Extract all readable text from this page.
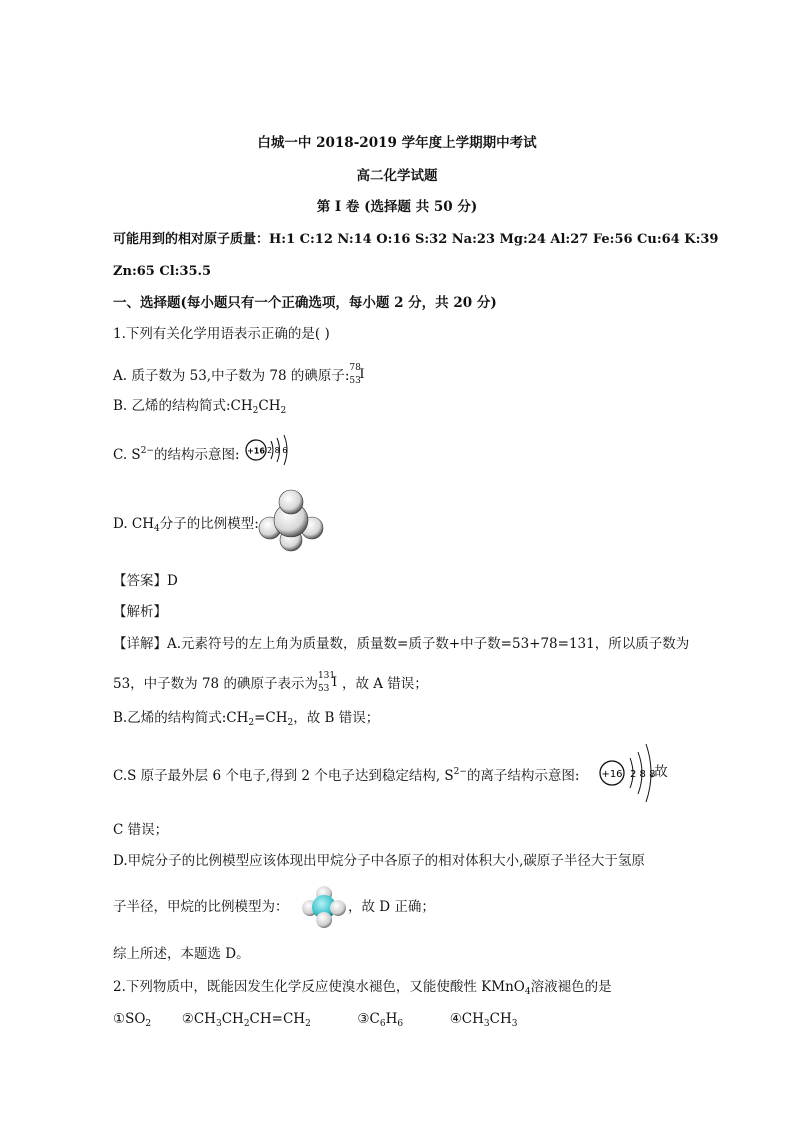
白城一中 2018-2019 学年度上学期期中考试
高二化学试题
第 I 卷 (选择题 共 50 分)
可能用到的相对原子质量：H:1 C:12 N:14 O:16 S:32 Na:23 Mg:24 Al:27 Fe:56 Cu:64 K:39
Zn:65 Cl:35.5
一、选择题(每小题只有一个正确选项，每小题 2 分，共 20 分)
1.下列有关化学用语表示正确的是( )
A. 质子数为 53,中子数为 78 的碘原子: 78
53
I
B. 乙烯的结构简式$:CH_2CH_2$
C. $S^{2-}$的结构示意图: +16 2 8 6
D. $CH_4$分子的比例模型:
【答案】D
【解析】
【详解】A.元素符号的左上角为质量数，质量数=质子数+中子数=53+78=131，所以质子数为
53，中子数为 78 的碘原子表示为 131
53 I ，故 A 错误；
B.乙烯的结构简式$:CH_2=CH_2$，故 B 错误；
C.S 原子最外层 6 个电子,得到 2 个电子达到稳定结构, $S^{2-}$的离子结构示意图: +16 2 8 8
,故
C 错误；
D.甲烷分子的比例模型应该体现出甲烷分子中各原子的相对体积大小,碳原子半径大于氢原
子半径，甲烷的比例模型为：	，故 D 正确；
综上所述，本题选 D。
2.下列物质中，既能因发生化学反应使溴水褪色，又能使酸性 KMnO$_4$溶液褪色的是
$①SO_2$ $②CH_3CH_2CH=CH_2$	$③C_6H_6$	$④CH_3CH_3$
